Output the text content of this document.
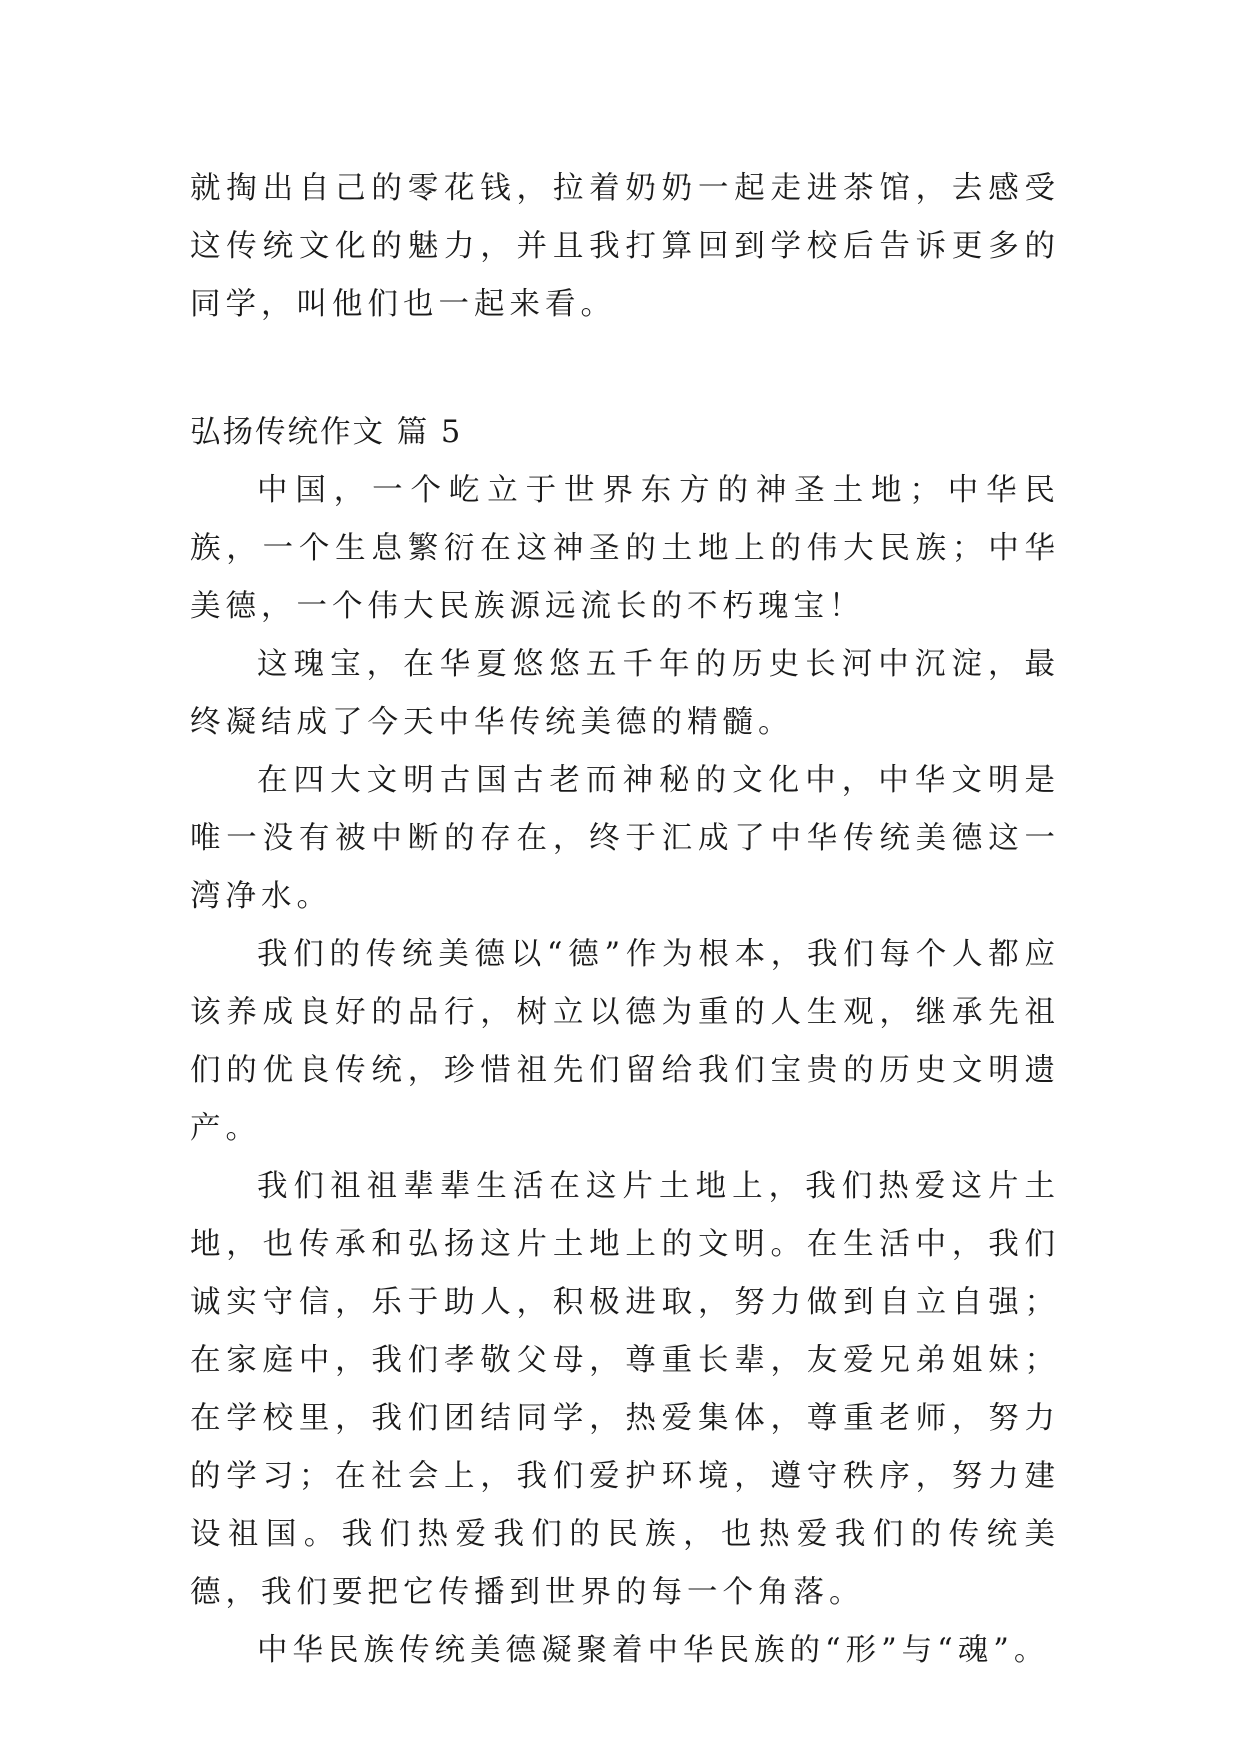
就掏出自己的零花钱，拉着奶奶一起走进茶馆，去感受这传统文化的魅力，并且我打算回到学校后告诉更多的同学，叫他们也一起来看。

弘扬传统作文 篇 5

中国，一个屹立于世界东方的神圣土地；中华民族，一个生息繁衍在这神圣的土地上的伟大民族；中华美德，一个伟大民族源远流长的不朽瑰宝！

这瑰宝，在华夏悠悠五千年的历史长河中沉淀，最终凝结成了今天中华传统美德的精髓。

在四大文明古国古老而神秘的文化中，中华文明是唯一没有被中断的存在，终于汇成了中华传统美德这一湾净水。

我们的传统美德以“德”作为根本，我们每个人都应该养成良好的品行，树立以德为重的人生观，继承先祖们的优良传统，珍惜祖先们留给我们宝贵的历史文明遗产。

我们祖祖辈辈生活在这片土地上，我们热爱这片土地，也传承和弘扬这片土地上的文明。在生活中，我们诚实守信，乐于助人，积极进取，努力做到自立自强；在家庭中，我们孝敬父母，尊重长辈，友爱兄弟姐妹；在学校里，我们团结同学，热爱集体，尊重老师，努力的学习；在社会上，我们爱护环境，遵守秩序，努力建设祖国。我们热爱我们的民族，也热爱我们的传统美德，我们要把它传播到世界的每一个角落。

中华民族传统美德凝聚着中华民族的“形”与“魂”。
